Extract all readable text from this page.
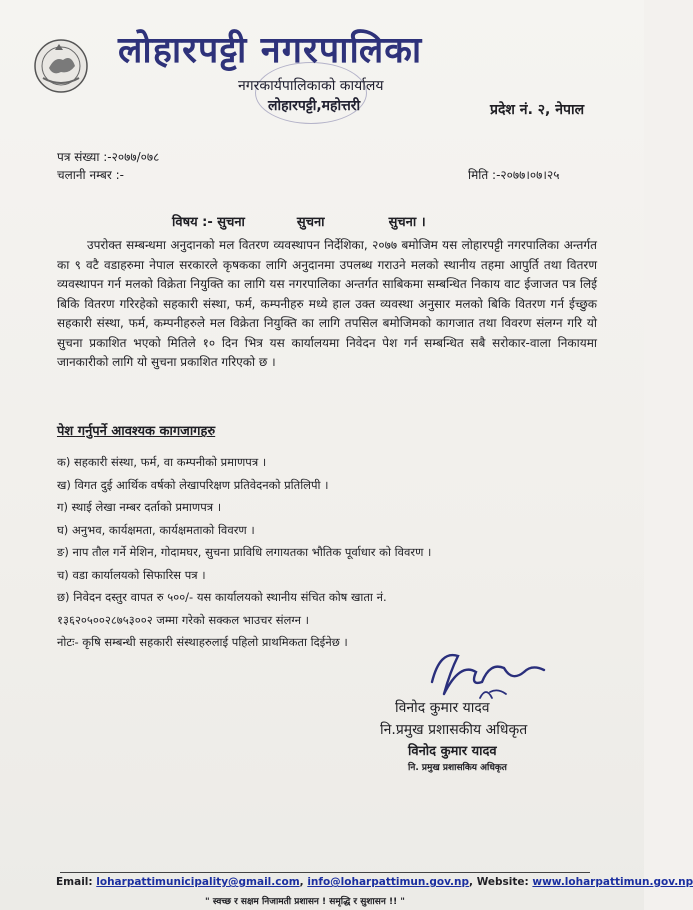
लोहारपट्टी नगरपालिका
नगरकार्यपालिकाको कार्यालय
लोहारपट्टी,महोत्तरी	प्रदेश नं. २, नेपाल
पत्र संख्या :-२०७७/०७८
चलानी नम्बर :-	मिति :-२०७७।०७।२५
विषय :- सुचना	सुचना	सुचना ।
उपरोक्त सम्बन्धमा अनुदानको मल वितरण व्यवस्थापन निर्देशिका, २०७७ बमोजिम यस लोहारपट्टी नगरपालिका अन्तर्गत का ९ वटै वडाहरुमा नेपाल सरकारले कृषकका लागि अनुदानमा उपलब्ध गराउने मलको स्थानीय तहमा आपुर्ति तथा वितरण व्यवस्थापन गर्न मलको विक्रेता नियुक्ति का लागि यस नगरपालिका अन्तर्गत साबिकमा सम्बन्धित निकाय वाट ईजाजत पत्र लिई बिकि वितरण गरिरहेको सहकारी संस्था, फर्म, कम्पनीहरु मध्ये हाल उक्त व्यवस्था अनुसार मलको बिकि वितरण गर्न ईच्छुक सहकारी संस्था, फर्म, कम्पनीहरुले मल विक्रेता नियुक्ति का लागि तपसिल बमोजिमको कागजात तथा विवरण संलग्न गरि यो सुचना प्रकाशित भएको मितिले १० दिन भित्र यस कार्यालयमा निवेदन पेश गर्न सम्बन्धित सबै सरोकार-वाला निकायमा जानकारीको लागि यो सुचना प्रकाशित गरिएको छ ।
पेश गर्नुपर्ने आवश्यक कागजागहरु
क) सहकारी संस्था, फर्म, वा कम्पनीको प्रमाणपत्र ।
ख) विगत दुई आर्थिक वर्षको लेखापरिक्षण प्रतिवेदनको प्रतिलिपी ।
ग) स्थाई लेखा नम्बर दर्ताको प्रमाणपत्र ।
घ) अनुभव, कार्यक्षमता, कार्यक्षमताको विवरण ।
ङ) नाप तौल गर्ने मेशिन, गोदामघर, सुचना प्राविधि लगायतका भौतिक पूर्वाधार को विवरण ।
च) वडा कार्यालयको सिफारिस पत्र ।
छ) निवेदन दस्तुर वापत रु ५००/- यस कार्यालयको स्थानीय संचित कोष खाता नं.
१३६२०५००२८७५३००२ जम्मा गरेको सक्कल भाउचर संलग्न ।
नोटः- कृषि सम्बन्धी सहकारी संस्थाहरुलाई पहिलो प्राथमिकता दिईनेछ ।
विनोद कुमार यादव
नि.प्रमुख प्रशासकीय अधिकृत
विनोद कुमार यादव
नि. प्रमुख प्रशासकिय अधिकृत
Email: loharpattimunicipality@gmail.com, info@loharpattimun.gov.np, Website: www.loharpattimun.gov.np
" स्वच्छ र सक्षम निजामती प्रशासन ! समृद्धि र सुशासन !! "
